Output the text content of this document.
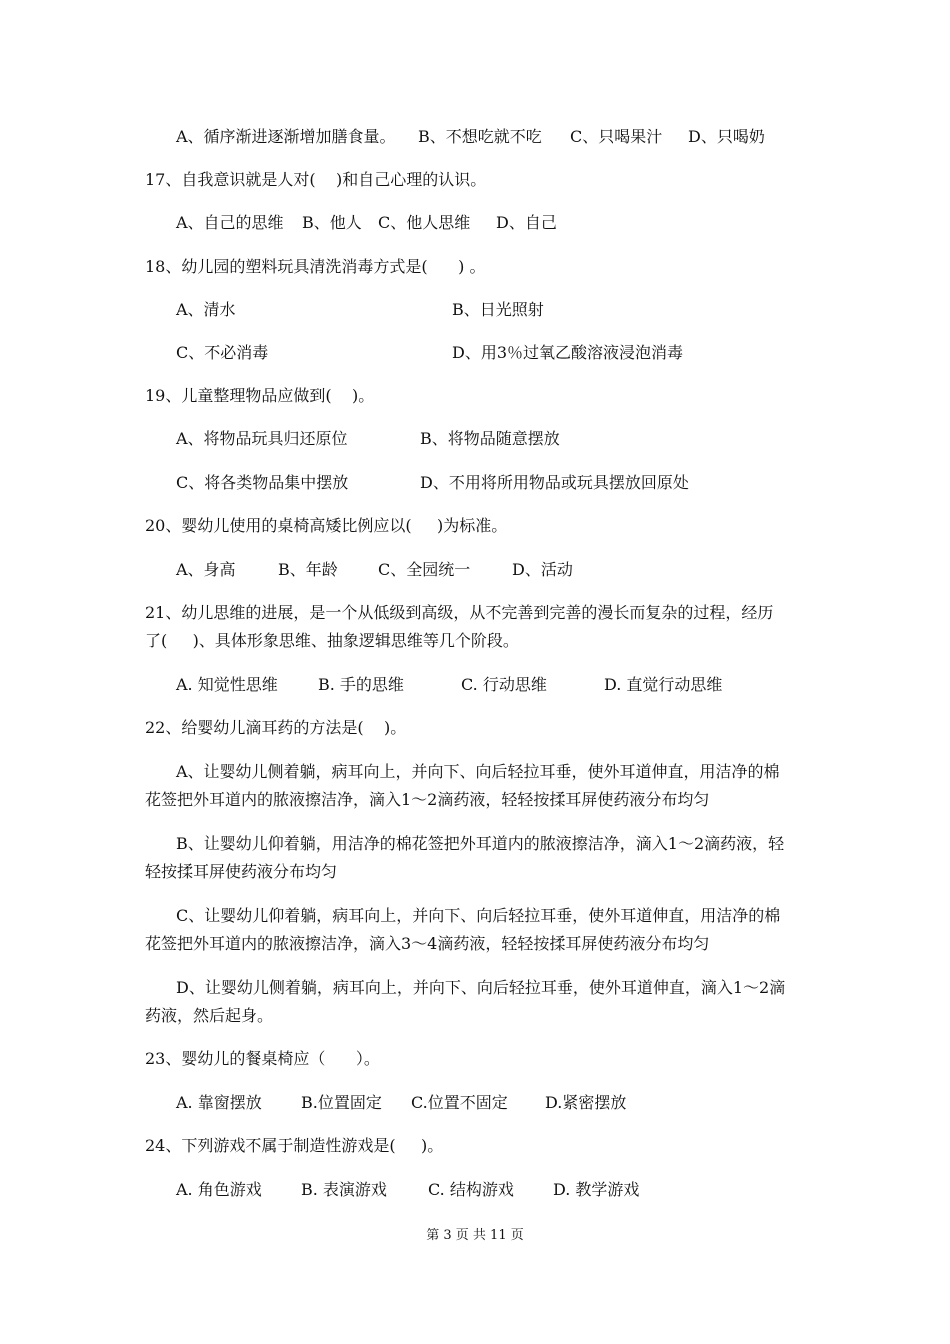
A、循序渐进逐渐增加膳食量。 B、不想吃就不吃 C、只喝果汁 D、只喝奶

17、自我意识就是人对(    )和自己心理的认识。

A、自己的思维 B、他人 C、他人思维 D、自己

18、幼儿园的塑料玩具清洗消毒方式是(      ) 。

A、清水	B、日光照射
C、不必消毒	D、用3％过氧乙酸溶液浸泡消毒

19、儿童整理物品应做到(    )。

A、将物品玩具归还原位	B、将物品随意摆放
C、将各类物品集中摆放	D、不用将所用物品或玩具摆放回原处

20、婴幼儿使用的桌椅高矮比例应以(     )为标准。

A、身高	B、年龄	C、全园统一	D、活动

21、幼儿思维的进展，是一个从低级到高级，从不完善到完善的漫长而复杂的过程，经历

了(     )、具体形象思维、抽象逻辑思维等几个阶段。

A. 知觉性思维	B. 手的思维	C. 行动思维	D. 直觉行动思维

22、给婴幼儿滴耳药的方法是(    )。

A、让婴幼儿侧着躺，病耳向上，并向下、向后轻拉耳垂，使外耳道伸直，用洁净的棉

花签把外耳道内的脓液擦洁净，滴入1～2滴药液，轻轻按揉耳屏使药液分布均匀

B、让婴幼儿仰着躺，用洁净的棉花签把外耳道内的脓液擦洁净，滴入1～2滴药液，轻

轻按揉耳屏使药液分布均匀

C、让婴幼儿仰着躺，病耳向上，并向下、向后轻拉耳垂，使外耳道伸直，用洁净的棉

花签把外耳道内的脓液擦洁净，滴入3～4滴药液，轻轻按揉耳屏使药液分布均匀

D、让婴幼儿侧着躺，病耳向上，并向下、向后轻拉耳垂，使外耳道伸直，滴入1～2滴

药液，然后起身。

23、婴幼儿的餐桌椅应（      ）。

A. 靠窗摆放 B.位置固定 C.位置不固定 D.紧密摆放

24、下列游戏不属于制造性游戏是(     )。

A. 角色游戏 B. 表演游戏	C. 结构游戏 D. 教学游戏
第 3 页 共 11 页
